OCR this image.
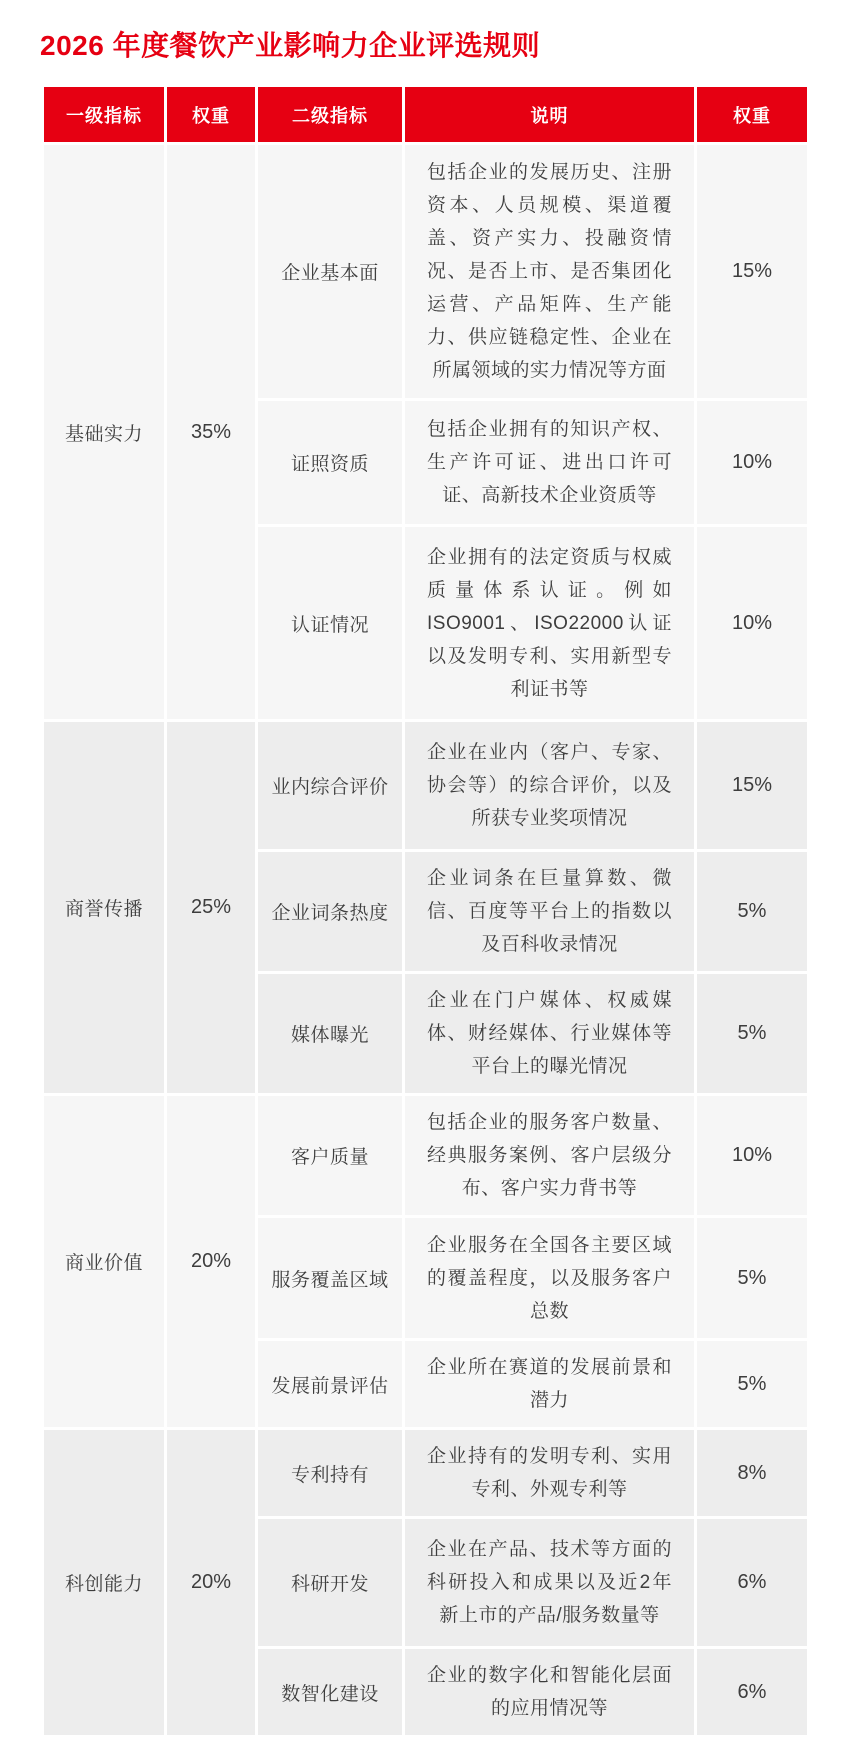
2026 年度餐饮产业影响力企业评选规则
一级指标	权重	二级指标	说明	权重
基础实力	35%	企业基本面	包括企业的发展历史、注册资本、人员规模、渠道覆盖、资产实力、投融资情况、是否上市、是否集团化运营、产品矩阵、生产能力、供应链稳定性、企业在所属领域的实力情况等方面	15%
		证照资质	包括企业拥有的知识产权、生产许可证、进出口许可证、高新技术企业资质等	10%
		认证情况	企业拥有的法定资质与权威质量体系认证。例如ISO9001、ISO22000认证以及发明专利、实用新型专利证书等	10%
商誉传播	25%	业内综合评价	企业在业内（客户、专家、协会等）的综合评价，以及所获专业奖项情况	15%
		企业词条热度	企业词条在巨量算数、微信、百度等平台上的指数以及百科收录情况	5%
		媒体曝光	企业在门户媒体、权威媒体、财经媒体、行业媒体等平台上的曝光情况	5%
商业价值	20%	客户质量	包括企业的服务客户数量、经典服务案例、客户层级分布、客户实力背书等	10%
		服务覆盖区域	企业服务在全国各主要区域的覆盖程度，以及服务客户总数	5%
		发展前景评估	企业所在赛道的发展前景和潜力	5%
科创能力	20%	专利持有	企业持有的发明专利、实用专利、外观专利等	8%
		科研开发	企业在产品、技术等方面的科研投入和成果以及近2年新上市的产品/服务数量等	6%
		数智化建设	企业的数字化和智能化层面的应用情况等	6%
